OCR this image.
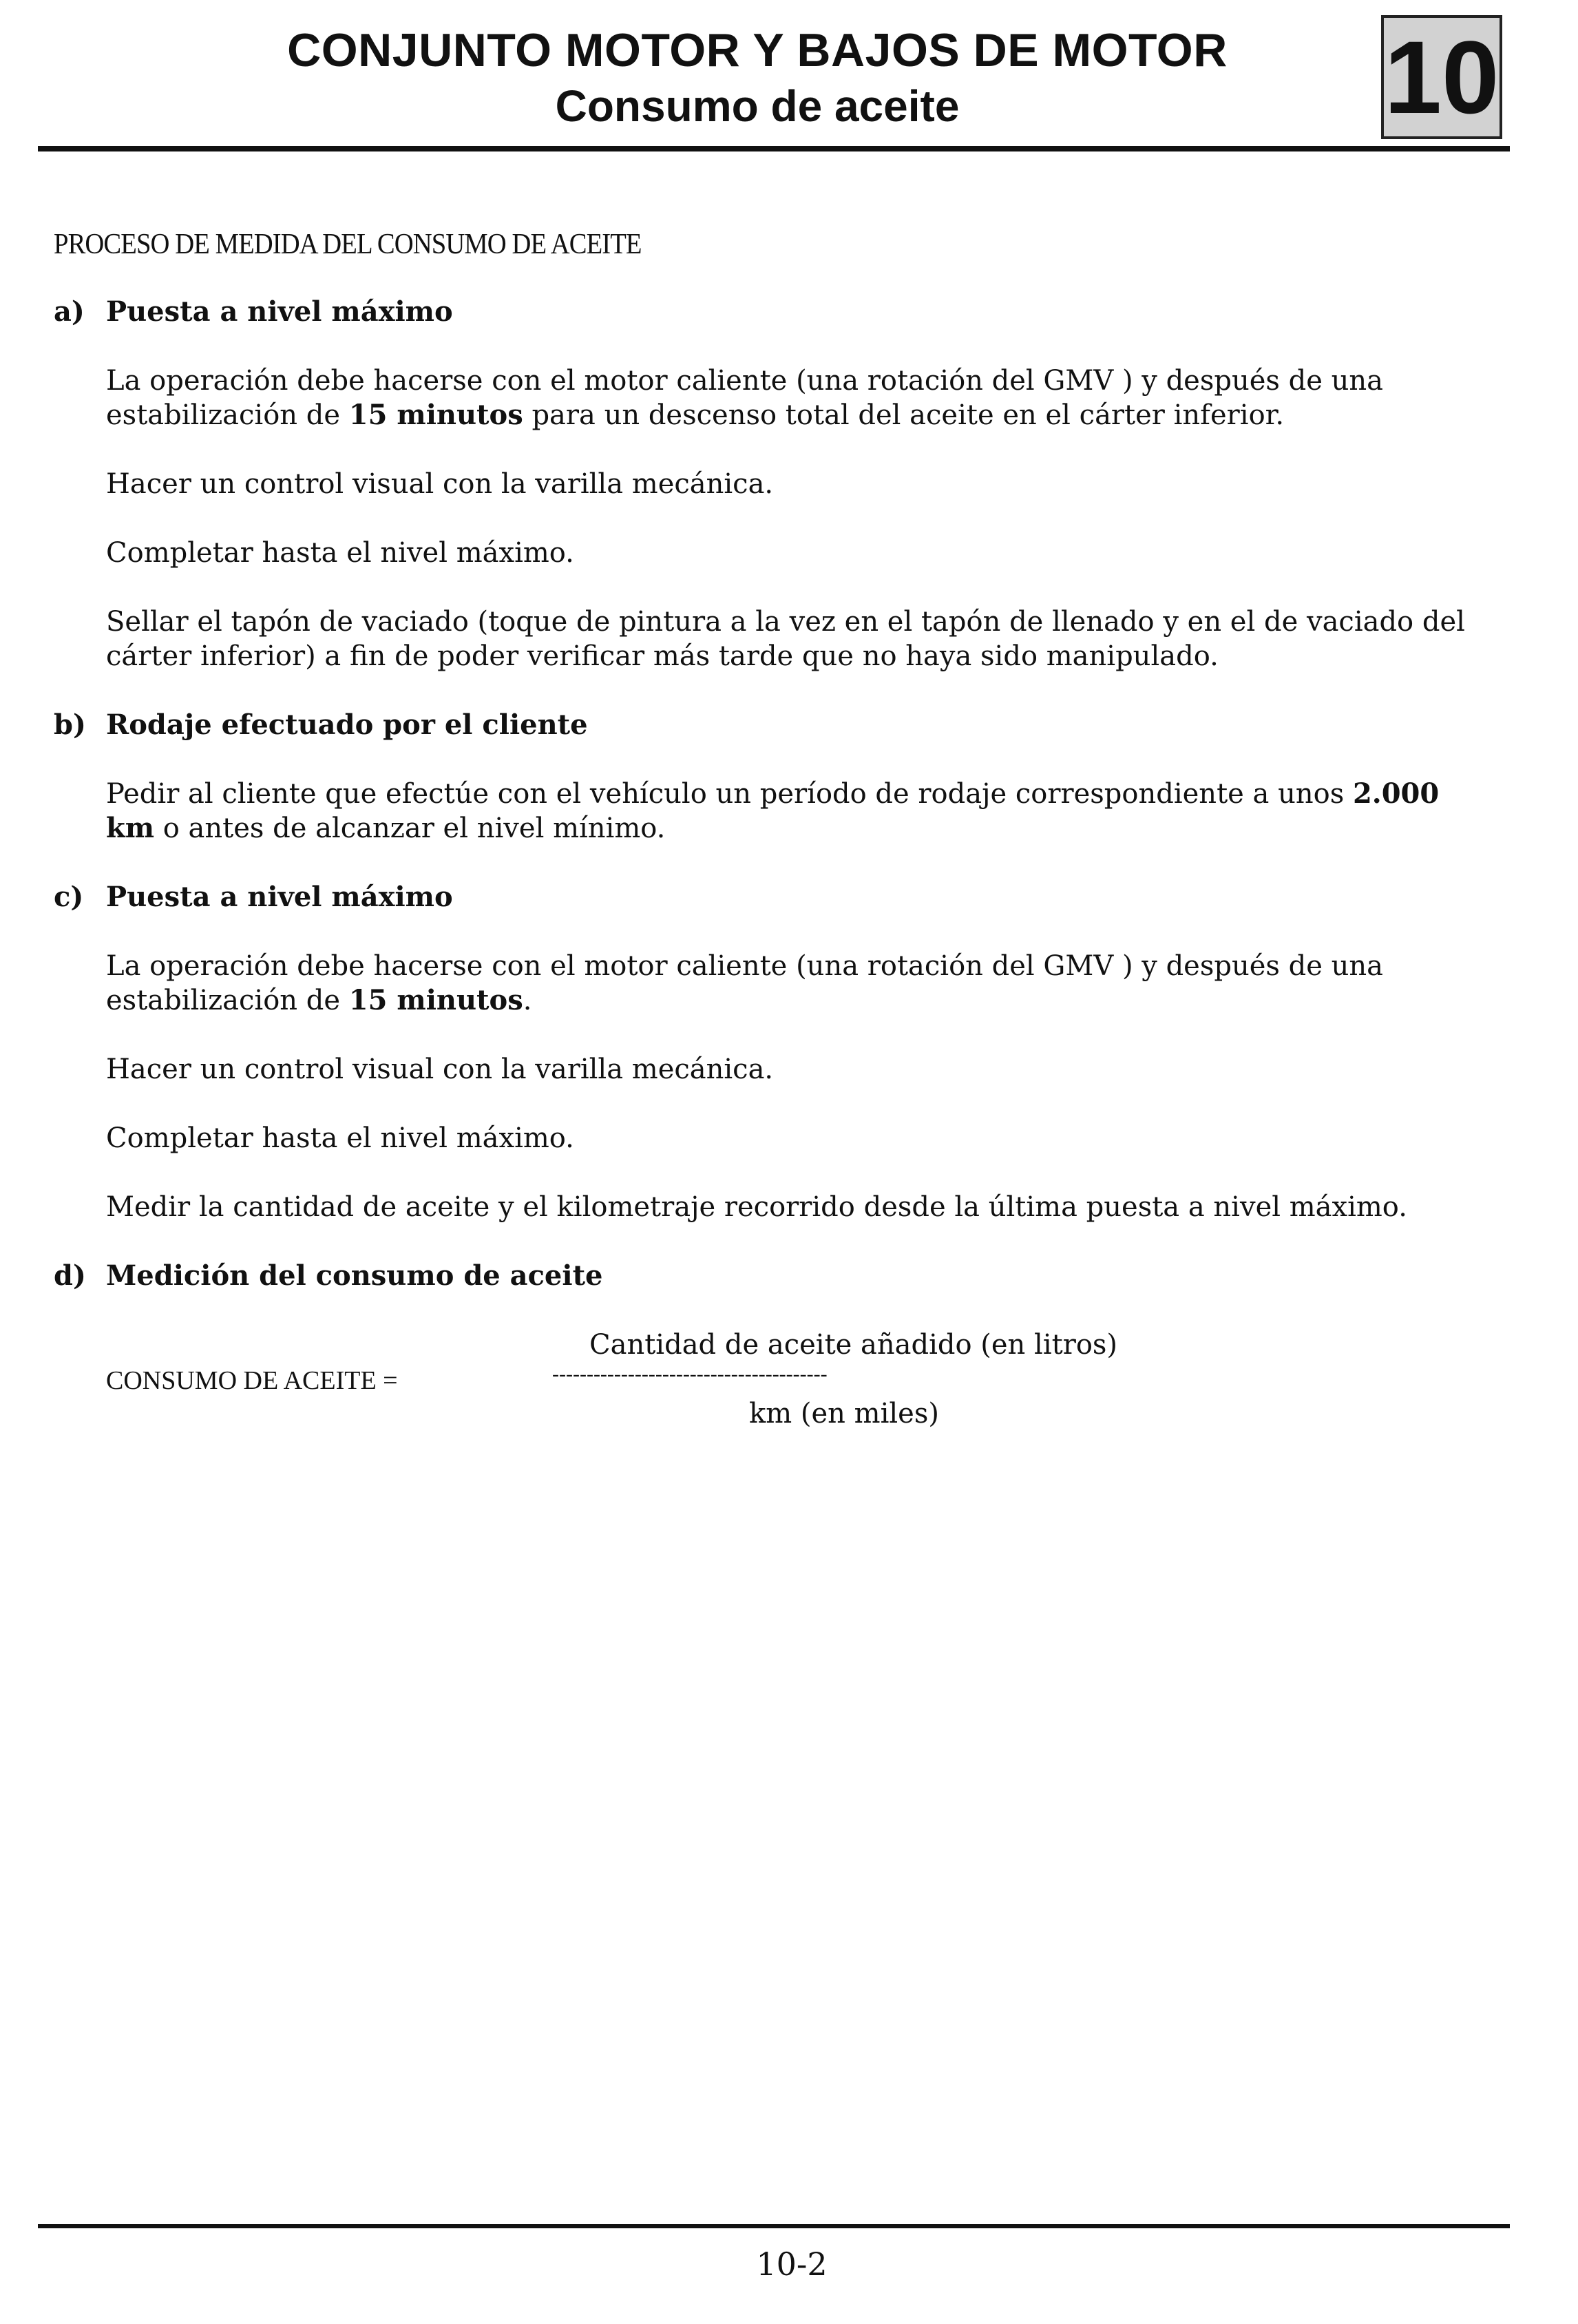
CONJUNTO MOTOR Y BAJOS DE MOTOR
Consumo de aceite	10
PROCESO DE MEDIDA DEL CONSUMO DE ACEITE
a) Puesta a nivel máximo
La operación debe hacerse con el motor caliente (una rotación del GMV ) y después de una estabilización de 15 minutos para un descenso total del aceite en el cárter inferior.
Hacer un control visual con la varilla mecánica.
Completar hasta el nivel máximo.
Sellar el tapón de vaciado (toque de pintura a la vez en el tapón de llenado y en el de vaciado del cárter inferior) a fin de poder verificar más tarde que no haya sido manipulado.
b) Rodaje efectuado por el cliente
Pedir al cliente que efectúe con el vehículo un período de rodaje correspondiente a unos 2.000 km o antes de alcanzar el nivel mínimo.
c) Puesta a nivel máximo
La operación debe hacerse con el motor caliente (una rotación del GMV ) y después de una estabilización de 15 minutos.
Hacer un control visual con la varilla mecánica.
Completar hasta el nivel máximo.
Medir la cantidad de aceite y el kilometraje recorrido desde la última puesta a nivel máximo.
d) Medición del consumo de aceite
CONSUMO DE ACEITE =
Cantidad de aceite añadido (en litros)
----------------------------------------
km (en miles)
10-2
